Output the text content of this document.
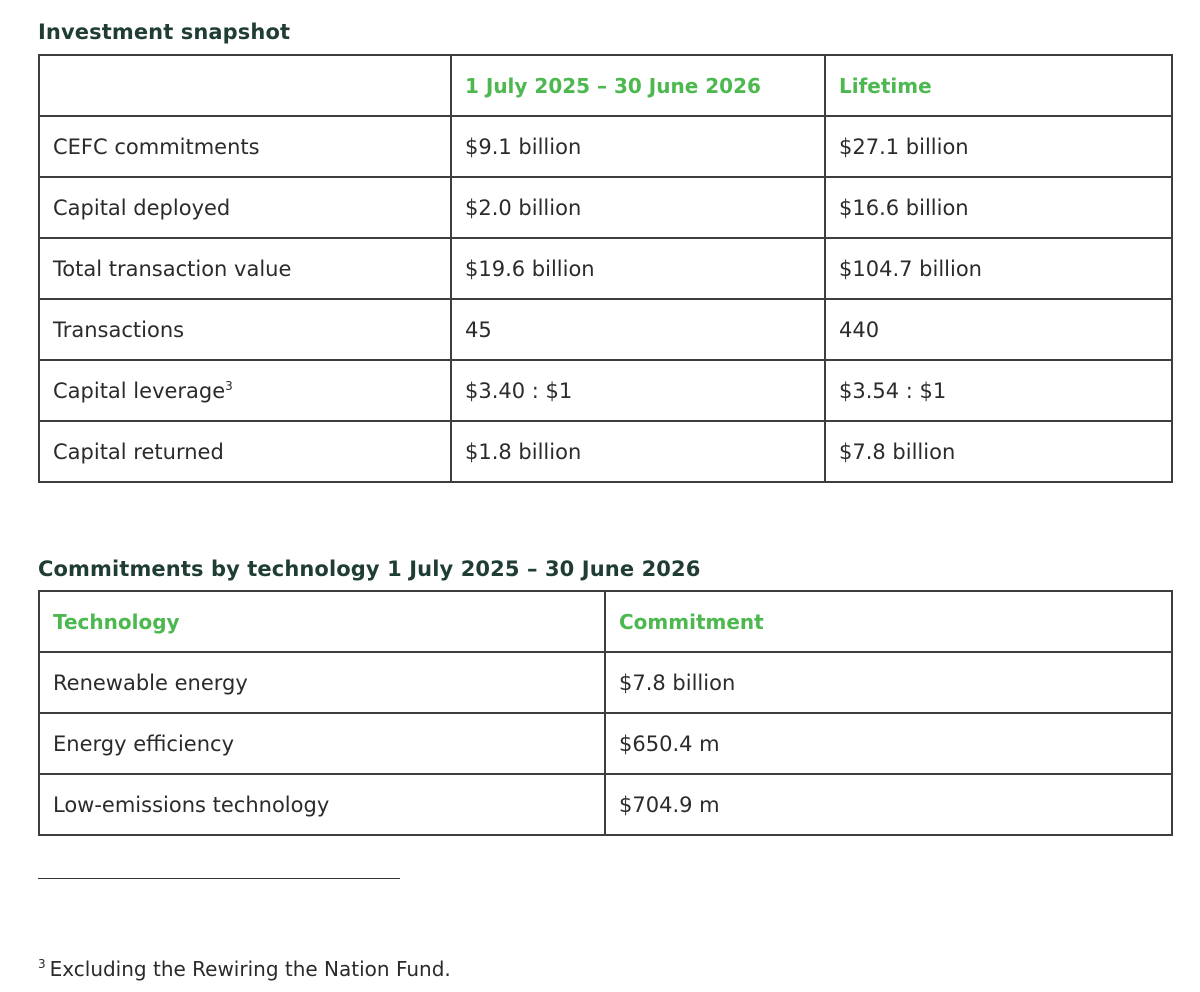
Investment snapshot
	1 July 2025 – 30 June 2026	Lifetime
CEFC commitments	$9.1 billion	$27.1 billion
Capital deployed	$2.0 billion	$16.6 billion
Total transaction value	$19.6 billion	$104.7 billion
Transactions	45	440
Capital leverage$^3$	$3.40 : $1	$3.54 : $1
Capital returned	$1.8 billion	$7.8 billion
Commitments by technology 1 July 2025 – 30 June 2026
Technology	Commitment
Renewable energy	$7.8 billion
Energy efficiency	$650.4 m
Low-emissions technology	$704.9 m
$^3$ Excluding the Rewiring the Nation Fund.
